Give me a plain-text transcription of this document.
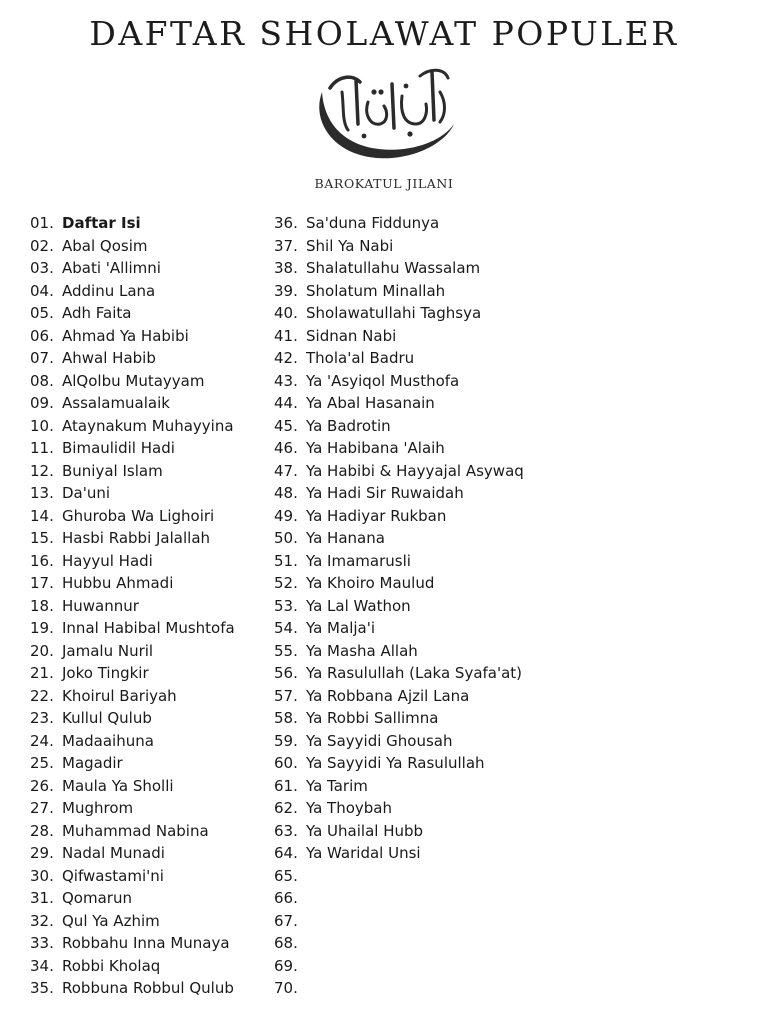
DAFTAR SHOLAWAT POPULER
BAROKATUL JILANI
01. Daftar Isi
02. Abal Qosim
03. Abati 'Allimni
04. Addinu Lana
05. Adh Faita
06. Ahmad Ya Habibi
07. Ahwal Habib
08. AlQolbu Mutayyam
09. Assalamualaik
10. Ataynakum Muhayyina
11. Bimaulidil Hadi
12. Buniyal Islam
13. Da'uni
14. Ghuroba Wa Lighoiri
15. Hasbi Rabbi Jalallah
16. Hayyul Hadi
17. Hubbu Ahmadi
18. Huwannur
19. Innal Habibal Mushtofa
20. Jamalu Nuril
21. Joko Tingkir
22. Khoirul Bariyah
23. Kullul Qulub
24. Madaaihuna
25. Magadir
26. Maula Ya Sholli
27. Mughrom
28. Muhammad Nabina
29. Nadal Munadi
30. Qifwastami'ni
31. Qomarun
32. Qul Ya Azhim
33. Robbahu Inna Munaya
34. Robbi Kholaq
35. Robbuna Robbul Qulub
36. Sa'duna Fiddunya
37. Shil Ya Nabi
38. Shalatullahu Wassalam
39. Sholatum Minallah
40. Sholawatullahi Taghsya
41. Sidnan Nabi
42. Thola'al Badru
43. Ya 'Asyiqol Musthofa
44. Ya Abal Hasanain
45. Ya Badrotin
46. Ya Habibana 'Alaih
47. Ya Habibi & Hayyajal Asywaq
48. Ya Hadi Sir Ruwaidah
49. Ya Hadiyar Rukban
50. Ya Hanana
51. Ya Imamarusli
52. Ya Khoiro Maulud
53. Ya Lal Wathon
54. Ya Malja'i
55. Ya Masha Allah
56. Ya Rasulullah (Laka Syafa'at)
57. Ya Robbana Ajzil Lana
58. Ya Robbi Sallimna
59. Ya Sayyidi Ghousah
60. Ya Sayyidi Ya Rasulullah
61. Ya Tarim
62. Ya Thoybah
63. Ya Uhailal Hubb
64. Ya Waridal Unsi
65.
66.
67.
68.
69.
70.
